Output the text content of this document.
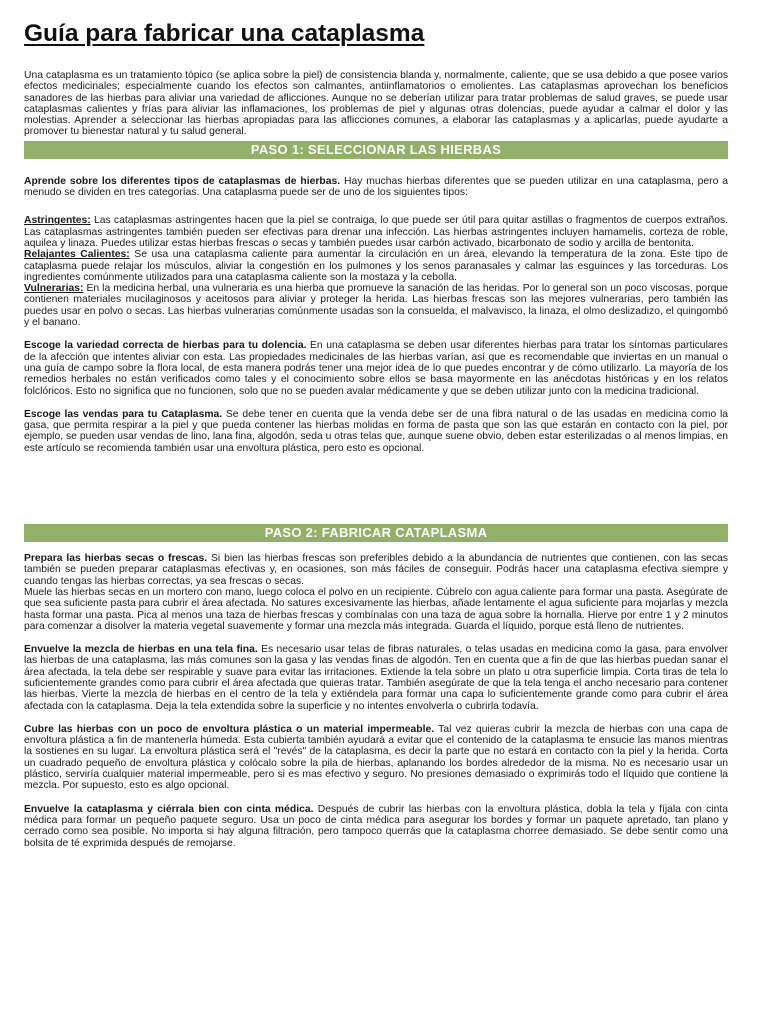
Guía para fabricar una cataplasma

Una cataplasma es un tratamiento tópico (se aplica sobre la piel) de consistencia blanda y, normalmente, caliente, que se usa debido a que posee varios efectos medicinales; especialmente cuando los efectos son calmantes, antiinflamatorios o emolientes. Las cataplasmas aprovechan los beneficios sanadores de las hierbas para aliviar una variedad de aflicciones. Aunque no se deberían utilizar para tratar problemas de salud graves, se puede usar cataplasmas calientes y frías para aliviar las inflamaciones, los problemas de piel y algunas otras dolencias, puede ayudar a calmar el dolor y las molestias. Aprender a seleccionar las hierbas apropiadas para las aflicciones comunes, a elaborar las cataplasmas y a aplicarlas, puede ayudarte a promover tu bienestar natural y tu salud general.

PASO 1: SELECCIONAR LAS HIERBAS

Aprende sobre los diferentes tipos de cataplasmas de hierbas. Hay muchas hierbas diferentes que se pueden utilizar en una cataplasma, pero a menudo se dividen en tres categorías. Una cataplasma puede ser de uno de los siguientes tipos:

Astringentes: Las cataplasmas astringentes hacen que la piel se contraiga, lo que puede ser útil para quitar astillas o fragmentos de cuerpos extraños. Las cataplasmas astringentes también pueden ser efectivas para drenar una infección. Las hierbas astringentes incluyen hamamelis, corteza de roble, aquilea y linaza. Puedes utilizar estas hierbas frescas o secas y también puedes usar carbón activado, bicarbonato de sodio y arcilla de bentonita.

Relajantes Calientes: Se usa una cataplasma caliente para aumentar la circulación en un área, elevando la temperatura de la zona. Este tipo de cataplasma puede relajar los músculos, aliviar la congestión en los pulmones y los senos paranasales y calmar las esguinces y las torceduras. Los ingredientes comúnmente utilizados para una cataplasma caliente son la mostaza y la cebolla.

Vulnerarias: En la medicina herbal, una vulneraria es una hierba que promueve la sanación de las heridas. Por lo general son un poco viscosas, porque contienen materiales mucilaginosos y aceitosos para aliviar y proteger la herida. Las hierbas frescas son las mejores vulnerarias, pero también las puedes usar en polvo o secas. Las hierbas vulnerarias comúnmente usadas son la consuelda, el malvavisco, la linaza, el olmo deslizadizo, el quingombó y el banano.

Escoge la variedad correcta de hierbas para tu dolencia. En una cataplasma se deben usar diferentes hierbas para tratar los síntomas particulares de la afección que intentes aliviar con esta. Las propiedades medicinales de las hierbas varían, así que es recomendable que inviertas en un manual o una guía de campo sobre la flora local, de esta manera podrás tener una mejor idea de lo que puedes encontrar y de cómo utilizarlo. La mayoría de los remedios herbales no están verificados como tales y el conocimiento sobre ellos se basa mayormente en las anécdotas históricas y en los relatos folclóricos. Esto no significa que no funcionen, solo que no se pueden avalar médicamente y que se deben utilizar junto con la medicina tradicional.

Escoge las vendas para tu Cataplasma. Se debe tener en cuenta que la venda debe ser de una fibra natural o de las usadas en medicina como la gasa, que permita respirar a la piel y que pueda contener las hierbas molidas en forma de pasta que son las que estarán en contacto con la piel, por ejemplo, se pueden usar vendas de lino, lana fina, algodón, seda u otras telas que, aunque suene obvio, deben estar esterilizadas o al menos limpias, en este artículo se recomienda también usar una envoltura plástica, pero esto es opcional.

PASO 2: FABRICAR CATAPLASMA

Prepara las hierbas secas o frescas. Si bien las hierbas frescas son preferibles debido a la abundancia de nutrientes que contienen, con las secas también se pueden preparar cataplasmas efectivas y, en ocasiones, son más fáciles de conseguir. Podrás hacer una cataplasma efectiva siempre y cuando tengas las hierbas correctas, ya sea frescas o secas.

Muele las hierbas secas en un mortero con mano, luego coloca el polvo en un recipiente. Cúbrelo con agua caliente para formar una pasta. Asegúrate de que sea suficiente pasta para cubrir el área afectada. No satures excesivamente las hierbas, añade lentamente el agua suficiente para mojarlas y mezcla hasta formar una pasta. Pica al menos una taza de hierbas frescas y combínalas con una taza de agua sobre la hornalla. Hierve por entre 1 y 2 minutos para comenzar a disolver la materia vegetal suavemente y formar una mezcla más integrada. Guarda el líquido, porque está lleno de nutrientes.

Envuelve la mezcla de hierbas en una tela fina. Es necesario usar telas de fibras naturales, o telas usadas en medicina como la gasa, para envolver las hierbas de una cataplasma, las más comunes son la gasa y las vendas finas de algodón. Ten en cuenta que a fin de que las hierbas puedan sanar el área afectada, la tela debe ser respirable y suave para evitar las irritaciones. Extiende la tela sobre un plato u otra superficie limpia. Corta tiras de tela lo suficientemente grandes como para cubrir el área afectada que quieras tratar. También asegúrate de que la tela tenga el ancho necesario para contener las hierbas. Vierte la mezcla de hierbas en el centro de la tela y extiéndela para formar una capa lo suficientemente grande como para cubrir el área afectada con la cataplasma. Deja la tela extendida sobre la superficie y no intentes envolverla o cubrirla todavía.

Cubre las hierbas con un poco de envoltura plástica o un material impermeable. Tal vez quieras cubrir la mezcla de hierbas con una capa de envoltura plástica a fin de mantenerla húmeda. Esta cubierta también ayudará a evitar que el contenido de la cataplasma te ensucie las manos mientras la sostienes en su lugar. La envoltura plástica será el "revés" de la cataplasma, es decir la parte que no estará en contacto con la piel y la herida. Corta un cuadrado pequeño de envoltura plástica y colócalo sobre la pila de hierbas, aplanando los bordes alrededor de la misma. No es necesario usar un plástico, serviría cualquier material impermeable, pero si es mas efectivo y seguro. No presiones demasiado o exprimirás todo el líquido que contiene la mezcla. Por supuesto, esto es algo opcional.

Envuelve la cataplasma y ciérrala bien con cinta médica. Después de cubrir las hierbas con la envoltura plástica, dobla la tela y fíjala con cinta médica para formar un pequeño paquete seguro. Usa un poco de cinta médica para asegurar los bordes y formar un paquete apretado, tan plano y cerrado como sea posible. No importa si hay alguna filtración, pero tampoco querrás que la cataplasma chorree demasiado. Se debe sentir como una bolsita de té exprimida después de remojarse.
